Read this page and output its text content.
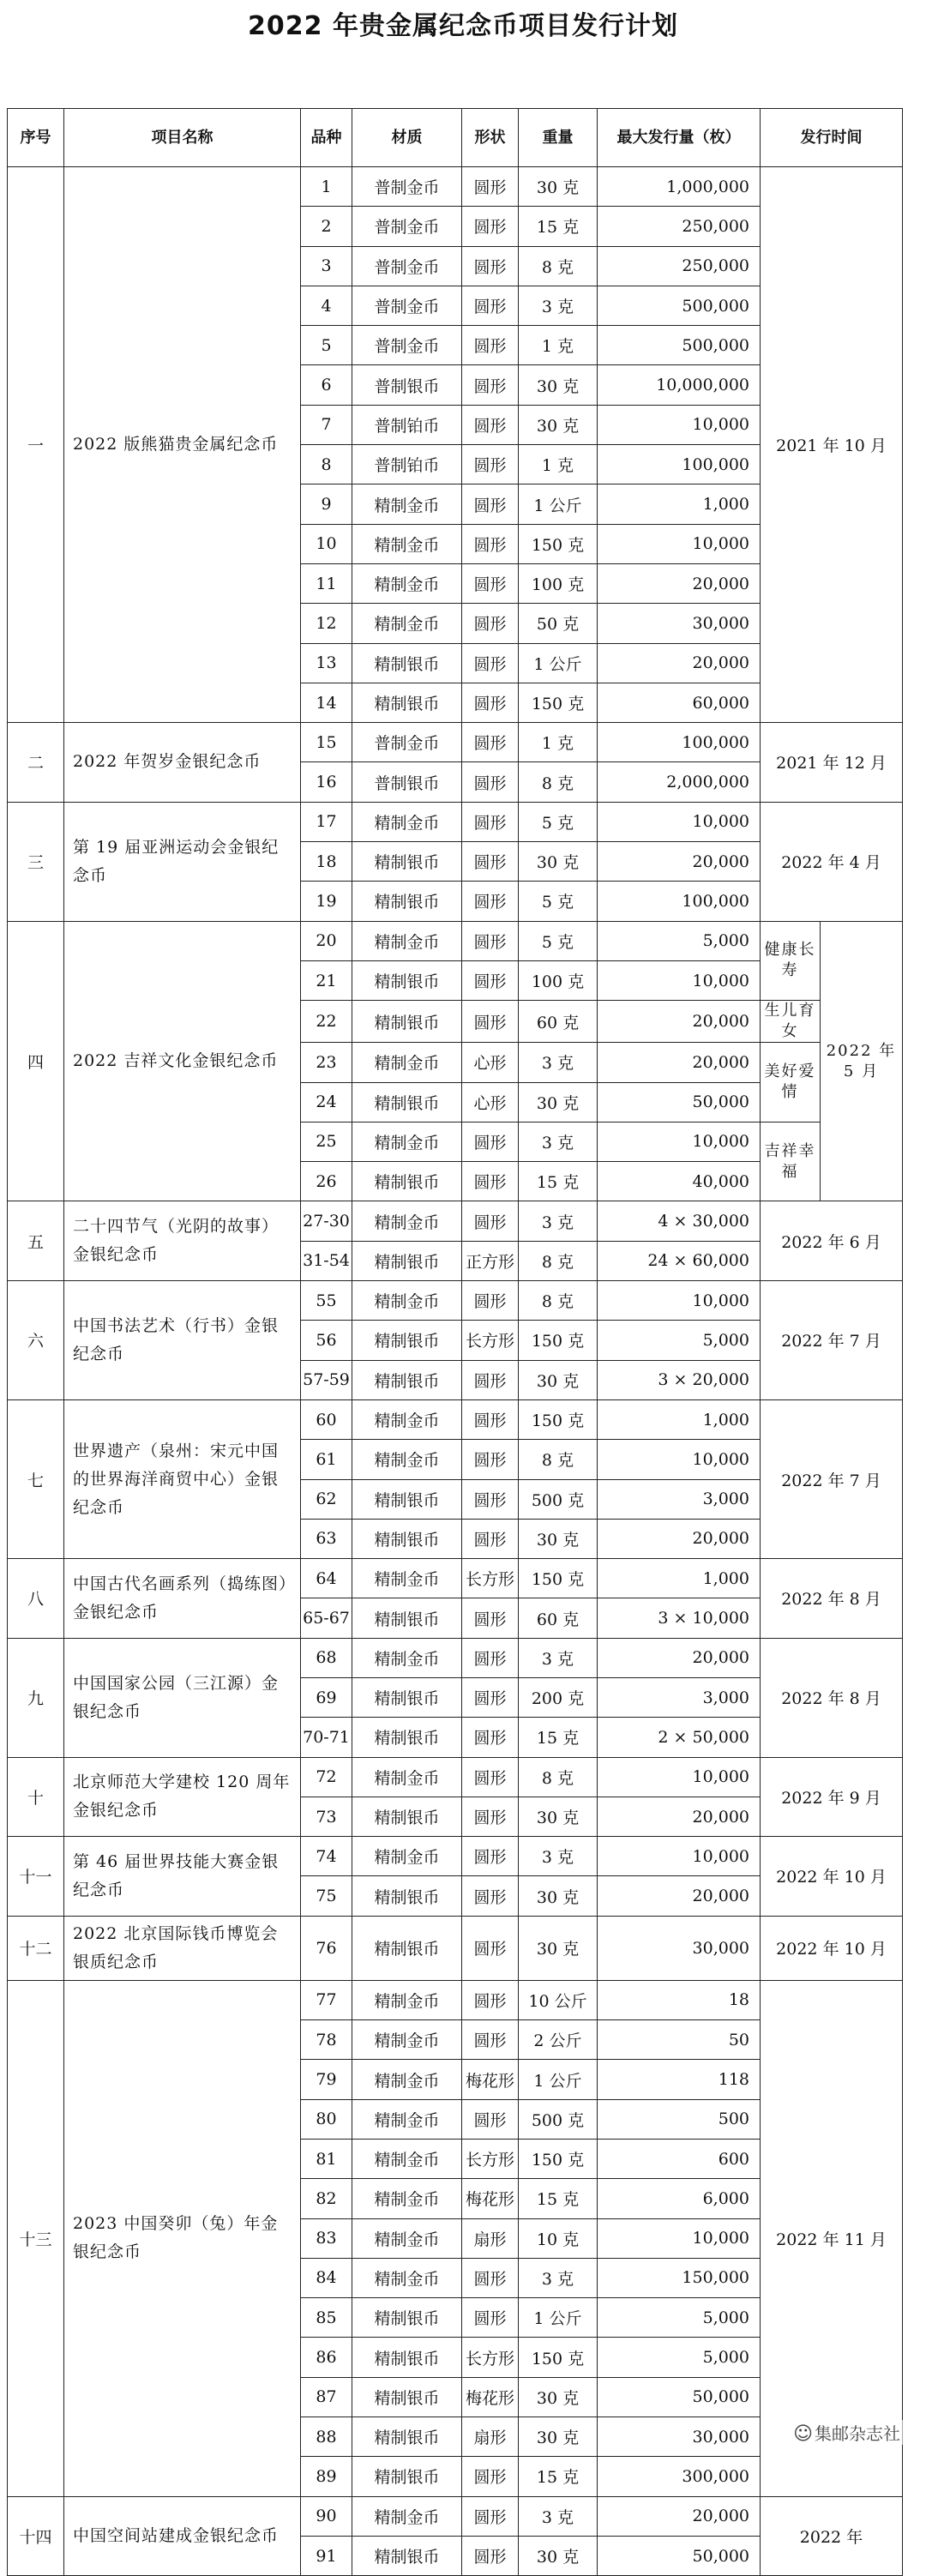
2022 年贵金属纪念币项目发行计划
序号	项目名称	品种	材质	形状	重量	最大发行量（枚）	发行时间	
一	2022 版熊猫贵金属纪念币	1	普制金币	圆形	30 克	1,000,000	2021 年 10 月	
		2	普制金币	圆形	15 克	250,000		
		3	普制金币	圆形	8 克	250,000		
		4	普制金币	圆形	3 克	500,000		
		5	普制金币	圆形	1 克	500,000		
		6	普制银币	圆形	30 克	10,000,000		
		7	普制铂币	圆形	30 克	10,000		
		8	普制铂币	圆形	1 克	100,000		
		9	精制金币	圆形	1 公斤	1,000		
		10	精制金币	圆形	150 克	10,000		
		11	精制金币	圆形	100 克	20,000		
		12	精制金币	圆形	50 克	30,000		
		13	精制银币	圆形	1 公斤	20,000		
		14	精制银币	圆形	150 克	60,000		
二	2022 年贺岁金银纪念币	15	普制金币	圆形	1 克	100,000	2021 年 12 月	
		16	普制银币	圆形	8 克	2,000,000		
三	第 19 届亚洲运动会金银纪念币	17	精制金币	圆形	5 克	10,000	2022 年 4 月	
		18	精制银币	圆形	30 克	20,000		
		19	精制银币	圆形	5 克	100,000		
四	2022 吉祥文化金银纪念币	20	精制金币	圆形	5 克	5,000	健康长寿	2022 年 5 月
		21	精制银币	圆形	100 克	10,000		
		22	精制银币	圆形	60 克	20,000	生儿育女	
		23	精制金币	心形	3 克	20,000	美好爱情	
		24	精制银币	心形	30 克	50,000		
		25	精制金币	圆形	3 克	10,000	吉祥幸福	
		26	精制银币	圆形	15 克	40,000		
五	二十四节气（光阴的故事）金银纪念币	27-30	精制金币	圆形	3 克	4 × 30,000	2022 年 6 月	
		31-54	精制银币	正方形	8 克	24 × 60,000		
六	中国书法艺术（行书）金银纪念币	55	精制金币	圆形	8 克	10,000	2022 年 7 月	
		56	精制银币	长方形	150 克	5,000		
		57-59	精制银币	圆形	30 克	3 × 20,000		
七	世界遗产（泉州：宋元中国的世界海洋商贸中心）金银纪念币	60	精制金币	圆形	150 克	1,000	2022 年 7 月	
		61	精制金币	圆形	8 克	10,000		
		62	精制银币	圆形	500 克	3,000		
		63	精制银币	圆形	30 克	20,000		
八	中国古代名画系列（捣练图）金银纪念币	64	精制金币	长方形	150 克	1,000	2022 年 8 月	
		65-67	精制银币	圆形	60 克	3 × 10,000		
九	中国国家公园（三江源）金银纪念币	68	精制金币	圆形	3 克	20,000	2022 年 8 月	
		69	精制银币	圆形	200 克	3,000		
		70-71	精制银币	圆形	15 克	2 × 50,000		
十	北京师范大学建校 120 周年金银纪念币	72	精制金币	圆形	8 克	10,000	2022 年 9 月	
		73	精制银币	圆形	30 克	20,000		
十一	第 46 届世界技能大赛金银纪念币	74	精制金币	圆形	3 克	10,000	2022 年 10 月	
		75	精制银币	圆形	30 克	20,000		
十二	2022 北京国际钱币博览会银质纪念币	76	精制银币	圆形	30 克	30,000	2022 年 10 月	
十三	2023 中国癸卯（兔）年金银纪念币	77	精制金币	圆形	10 公斤	18	2022 年 11 月	
		78	精制金币	圆形	2 公斤	50		
		79	精制金币	梅花形	1 公斤	118		
		80	精制金币	圆形	500 克	500		
		81	精制金币	长方形	150 克	600		
		82	精制金币	梅花形	15 克	6,000		
		83	精制金币	扇形	10 克	10,000		
		84	精制金币	圆形	3 克	150,000		
		85	精制银币	圆形	1 公斤	5,000		
		86	精制银币	长方形	150 克	5,000		
		87	精制银币	梅花形	30 克	50,000		
		88	精制银币	扇形	30 克	30,000		
		89	精制银币	圆形	15 克	300,000		
十四	中国空间站建成金银纪念币	90	精制金币	圆形	3 克	20,000	2022 年	
		91	精制银币	圆形	30 克	50,000		
☺ 集邮杂志社
